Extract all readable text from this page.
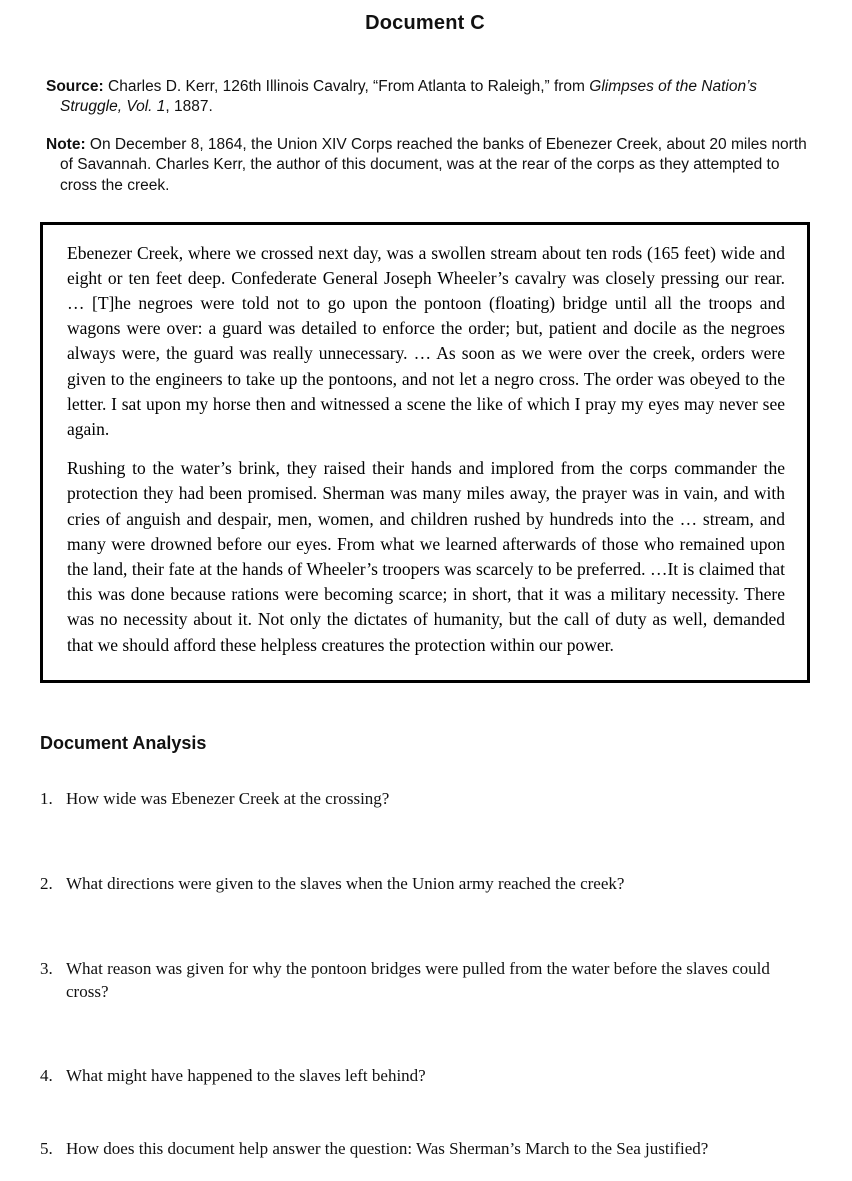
Document C

Source: Charles D. Kerr, 126th Illinois Cavalry, “From Atlanta to Raleigh,” from Glimpses of the Nation’s Struggle, Vol. 1, 1887.

Note: On December 8, 1864, the Union XIV Corps reached the banks of Ebenezer Creek, about 20 miles north of Savannah. Charles Kerr, the author of this document, was at the rear of the corps as they attempted to cross the creek.

Ebenezer Creek, where we crossed next day, was a swollen stream about ten rods (165 feet) wide and eight or ten feet deep. Confederate General Joseph Wheeler’s cavalry was closely pressing our rear. … [T]he negroes were told not to go upon the pontoon (floating) bridge until all the troops and wagons were over: a guard was detailed to enforce the order; but, patient and docile as the negroes always were, the guard was really unnecessary. … As soon as we were over the creek, orders were given to the engineers to take up the pontoons, and not let a negro cross. The order was obeyed to the letter. I sat upon my horse then and witnessed a scene the like of which I pray my eyes may never see again.

Rushing to the water’s brink, they raised their hands and implored from the corps commander the protection they had been promised. Sherman was many miles away, the prayer was in vain, and with cries of anguish and despair, men, women, and children rushed by hundreds into the … stream, and many were drowned before our eyes. From what we learned afterwards of those who remained upon the land, their fate at the hands of Wheeler’s troopers was scarcely to be preferred. …It is claimed that this was done because rations were becoming scarce; in short, that it was a military necessity. There was no necessity about it. Not only the dictates of humanity, but the call of duty as well, demanded that we should afford these helpless creatures the protection within our power.

Document Analysis
1. How wide was Ebenezer Creek at the crossing?
2. What directions were given to the slaves when the Union army reached the creek?
3. What reason was given for why the pontoon bridges were pulled from the water before the slaves could cross?
4. What might have happened to the slaves left behind?
5. How does this document help answer the question: Was Sherman’s March to the Sea justified?
